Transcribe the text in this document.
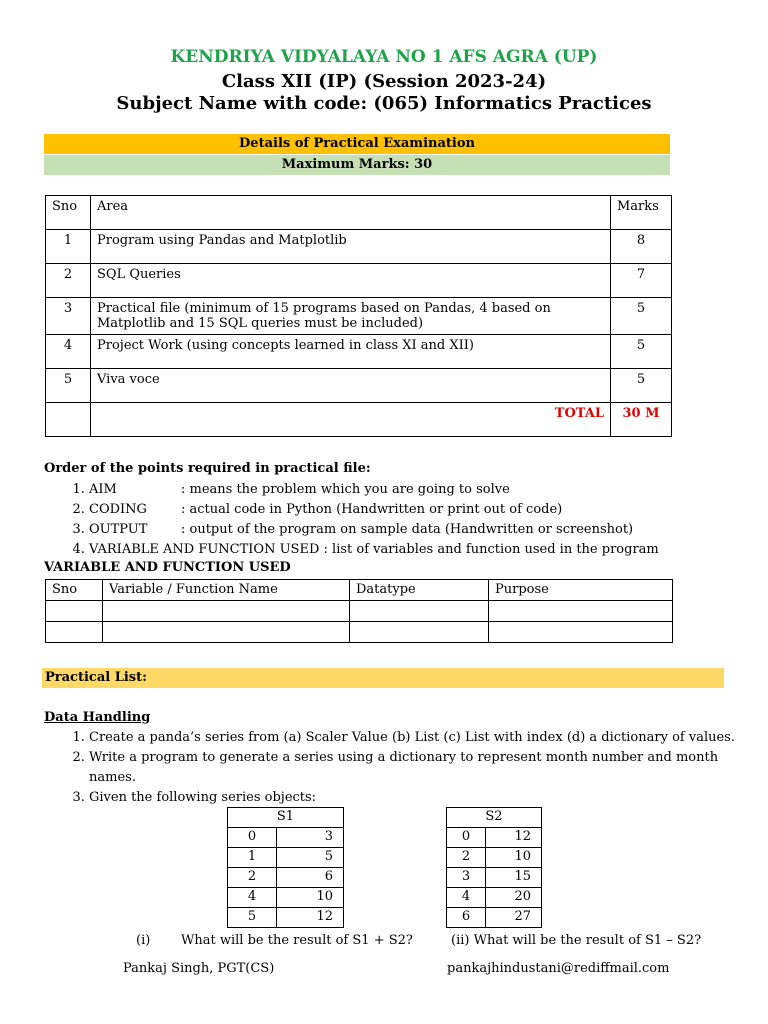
KENDRIYA VIDYALAYA NO 1 AFS AGRA (UP)
Class XII (IP) (Session 2023-24)
Subject Name with code: (065) Informatics Practices
Details of Practical Examination
Maximum Marks: 30
Sno	Area	Marks
1	Program using Pandas and Matplotlib	8
2	SQL Queries	7
3	Practical file (minimum of 15 programs based on Pandas, 4 based on Matplotlib and 15 SQL queries must be included)	5
4	Project Work (using concepts learned in class XI and XII)	5
5	Viva voce	5
	TOTAL	30 M
Order of the points required in practical file:
1. AIM	: means the problem which you are going to solve
2. CODING	: actual code in Python (Handwritten or print out of code)
3. OUTPUT	: output of the program on sample data (Handwritten or screenshot)
4. VARIABLE AND FUNCTION USED : list of variables and function used in the program
VARIABLE AND FUNCTION USED
Sno	Variable / Function Name	Datatype	Purpose

Practical List:
Data Handling
1. Create a panda’s series from (a) Scaler Value (b) List (c) List with index (d) a dictionary of values.
2. Write a program to generate a series using a dictionary to represent month number and month names.
3. Given the following series objects:
S1	
0	3
1	5
2	6
4	10
5	12
S2	
0	12
2	10
3	15
4	20
6	27
(i) What will be the result of S1 + S2?	(ii) What will be the result of S1 – S2?
Pankaj Singh, PGT(CS)	pankajhindustani@rediffmail.com
